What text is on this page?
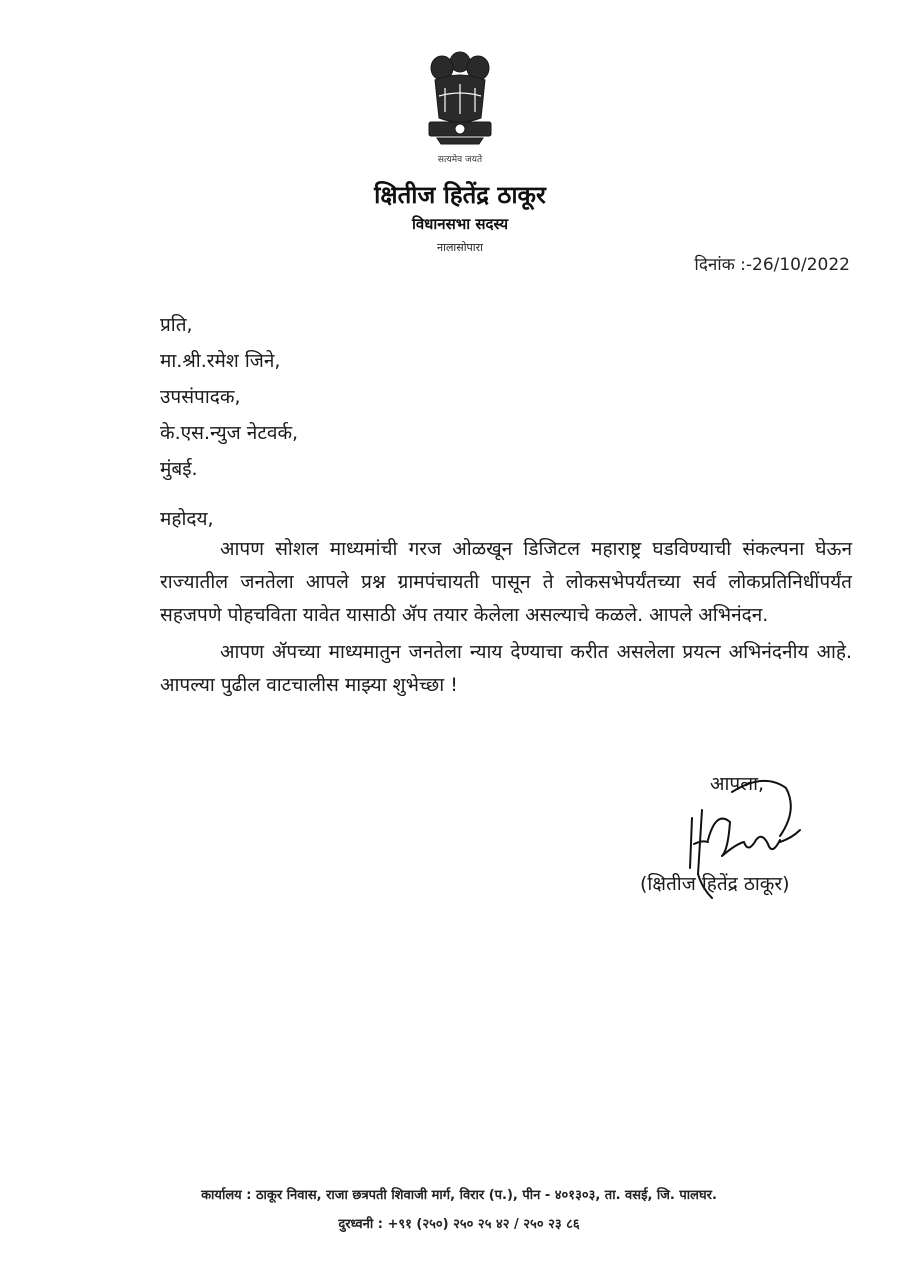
सत्यमेव जयते
क्षितीज हितेंद्र ठाकूर
विधानसभा सदस्य
नालासोपारा
दिनांक :-26/10/2022
प्रति,
मा.श्री.रमेश जिने,
उपसंपादक,
के.एस.न्युज नेटवर्क,
मुंबई.
महोदय,

आपण सोशल माध्यमांची गरज ओळखून डिजिटल महाराष्ट्र घडविण्याची संकल्पना घेऊन राज्यातील जनतेला आपले प्रश्न ग्रामपंचायती पासून ते लोकसभेपर्यंतच्या सर्व लोकप्रतिनिधींपर्यंत सहजपणे पोहचविता यावेत यासाठी ॲप तयार केलेला असल्याचे कळले. आपले अभिनंदन.

आपण ॲपच्या माध्यमातुन जनतेला न्याय देण्याचा करीत असलेला प्रयत्न अभिनंदनीय आहे. आपल्या पुढील वाटचालीस माझ्या शुभेच्छा !

आपला,
(क्षितीज हितेंद्र ठाकूर)
कार्यालय : ठाकूर निवास, राजा छत्रपती शिवाजी मार्ग, विरार (प.), पीन - ४०१३०३, ता. वसई, जि. पालघर.
दुरध्वनी : +९१ (२५०) २५० २५ ४२ / २५० २३ ८६
